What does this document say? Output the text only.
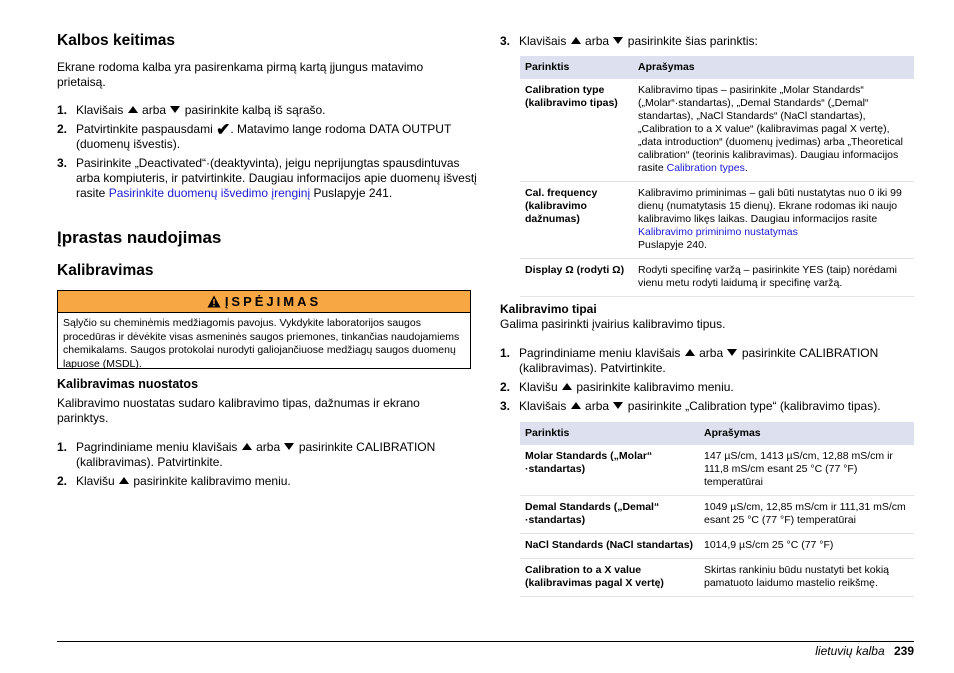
Kalbos keitimas

Ekrane rodoma kalba yra pasirenkama pirmą kartą įjungus matavimo prietaisą.

1. Klavišais arba pasirinkite kalbą iš sąrašo.
2. Patvirtinkite paspausdami ✔. Matavimo lange rodoma DATA OUTPUT (duomenų išvestis).
3. Pasirinkite „Deactivated“·(deaktyvinta), jeigu neprijungtas spausdintuvas arba kompiuteris, ir patvirtinkite. Daugiau informacijos apie duomenų išvestį rasite Pasirinkite duomenų išvedimo įrenginį Puslapyje 241.
Įprastas naudojimas
Kalibravimas
ĮSPĖJIMAS
Sąlyčio su cheminėmis medžiagomis pavojus. Vykdykite laboratorijos saugos procedūras ir dėvėkite visas asmeninės saugos priemones, tinkančias naudojamiems chemikalams. Saugos protokolai nurodyti galiojančiuose medžiagų saugos duomenų lapuose (MSDL).
Kalibravimas nuostatos

Kalibravimo nuostatas sudaro kalibravimo tipas, dažnumas ir ekrano parinktys.

1. Pagrindiniame meniu klavišais arba pasirinkite CALIBRATION (kalibravimas). Patvirtinkite.
2. Klavišu pasirinkite kalibravimo meniu.
3. Klavišais arba pasirinkite šias parinktis:
Parinktis	Aprašymas
Calibration type (kalibravimo tipas)	Kalibravimo tipas – pasirinkite „Molar Standards“ („Molar“·standartas), „Demal Standards“ („Demal“ standartas), „NaCl Standards“ (NaCl standartas), „Calibration to a X value“ (kalibravimas pagal X vertę), „data introduction“ (duomenų įvedimas) arba „Theoretical calibration“ (teorinis kalibravimas). Daugiau informacijos rasite Calibration types.
Cal. frequency (kalibravimo dažnumas)	Kalibravimo priminimas – gali būti nustatytas nuo 0 iki 99 dienų (numatytasis 15 dienų). Ekrane rodomas iki naujo kalibravimo likęs laikas. Daugiau informacijos rasite Kalibravimo priminimo nustatymas
Puslapyje 240.
Display Ω (rodyti Ω)	Rodyti specifinę varžą – pasirinkite YES (taip) norėdami vienu metu rodyti laidumą ir specifinę varžą.
Kalibravimo tipai

Galima pasirinkti įvairius kalibravimo tipus.

1. Pagrindiniame meniu klavišais arba pasirinkite CALIBRATION (kalibravimas). Patvirtinkite.
2. Klavišu pasirinkite kalibravimo meniu.
3. Klavišais arba pasirinkite „Calibration type“ (kalibravimo tipas).
Parinktis	Aprašymas
Molar Standards („Molar“ ·standartas)	147 µS/cm, 1413 µS/cm, 12,88 mS/cm ir 111,8 mS/cm esant 25 °C (77 °F) temperatūrai
Demal Standards („Demal“ ·standartas)	1049 µS/cm, 12,85 mS/cm ir 111,31 mS/cm esant 25 °C (77 °F) temperatūrai
NaCl Standards (NaCl standartas)	1014,9 µS/cm 25 °C (77 °F)
Calibration to a X value (kalibravimas pagal X vertę)	Skirtas rankiniu būdu nustatyti bet kokią pamatuoto laidumo mastelio reikšmę.
lietuvių kalba 239
